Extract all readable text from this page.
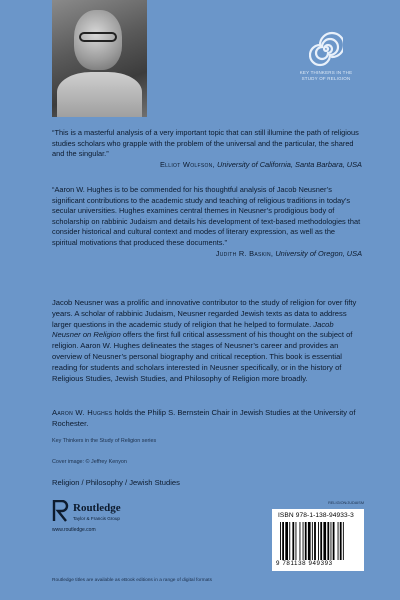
KEY THINKERS IN THE STUDY OF RELIGION
“This is a masterful analysis of a very important topic that can still illumine the path of religious studies scholars who grapple with the problem of the universal and the particular, the shared and the singular.”
Elliot Wolfson, University of California, Santa Barbara, USA
“Aaron W. Hughes is to be commended for his thoughtful analysis of Jacob Neusner’s significant contributions to the academic study and teaching of religious traditions in today’s secular universities. Hughes examines central themes in Neusner’s prodigious body of scholarship on rabbinic Judaism and details his development of text-based methodologies that consider historical and cultural context and modes of literary expression, as well as the spiritual motivations that produced these documents.”
Judith R. Baskin, University of Oregon, USA
Jacob Neusner was a prolific and innovative contributor to the study of religion for over fifty years. A scholar of rabbinic Judaism, Neusner regarded Jewish texts as data to address larger questions in the academic study of religion that he helped to formulate. Jacob Neusner on Religion offers the first full critical assessment of his thought on the subject of religion. Aaron W. Hughes delineates the stages of Neusner’s career and provides an overview of Neusner’s personal biography and critical reception. This book is essential reading for students and scholars interested in Neusner specifically, or in the history of Religious Studies, Jewish Studies, and Philosophy of Religion more broadly.
Aaron W. Hughes holds the Philip S. Bernstein Chair in Jewish Studies at the University of Rochester.
Key Thinkers in the Study of Religion series
Cover image: © Jeffrey Kenyon
Religion / Philosophy / Jewish Studies
Routledge
Taylor & Francis Group
www.routledge.com
RELIGION/JUDAISM
ISBN 978-1-138-94933-3
9 781138 949393
Routledge titles are available as eBook editions in a range of digital formats
